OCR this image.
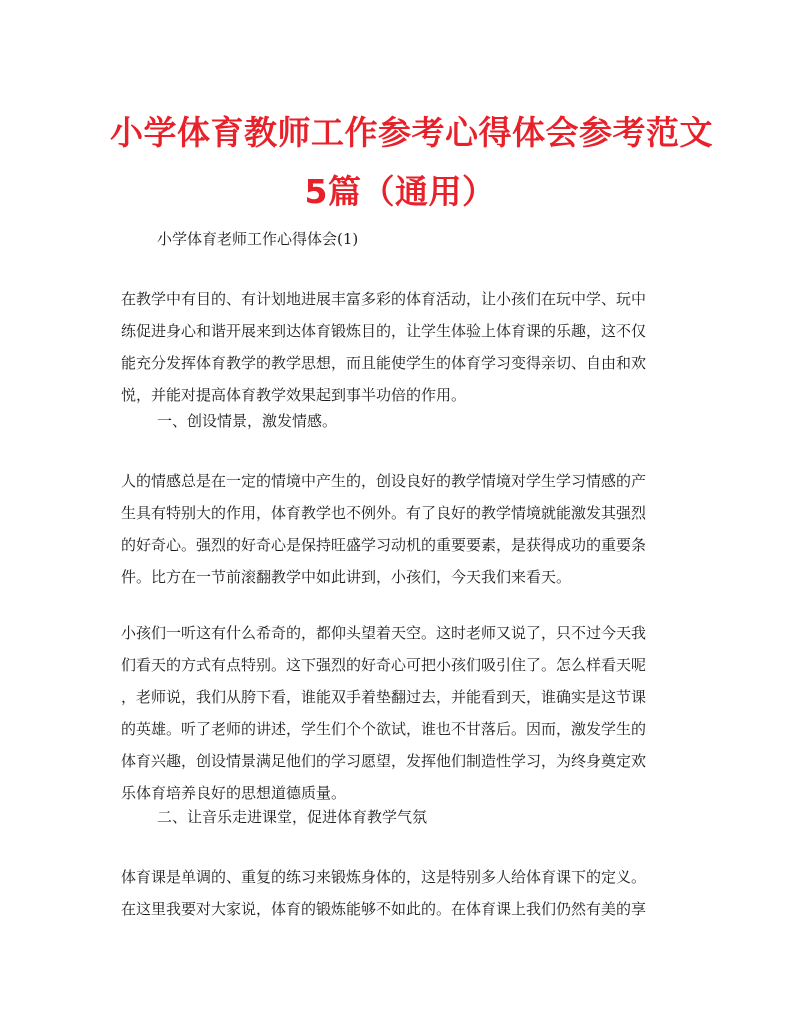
小学体育教师工作参考心得体会参考范文
5篇（通用）
小学体育老师工作心得体会(1)
在教学中有目的、有计划地进展丰富多彩的体育活动，让小孩们在玩中学、玩中
练促进身心和谐开展来到达体育锻炼目的，让学生体验上体育课的乐趣，这不仅
能充分发挥体育教学的教学思想，而且能使学生的体育学习变得亲切、自由和欢
悦，并能对提高体育教学效果起到事半功倍的作用。
一、创设情景，激发情感。
人的情感总是在一定的情境中产生的，创设良好的教学情境对学生学习情感的产
生具有特别大的作用，体育教学也不例外。有了良好的教学情境就能激发其强烈
的好奇心。强烈的好奇心是保持旺盛学习动机的重要要素，是获得成功的重要条
件。比方在一节前滚翻教学中如此讲到，小孩们，今天我们来看天。
小孩们一听这有什么希奇的，都仰头望着天空。这时老师又说了，只不过今天我
们看天的方式有点特别。这下强烈的好奇心可把小孩们吸引住了。怎么样看天呢
，老师说，我们从胯下看，谁能双手着垫翻过去，并能看到天，谁确实是这节课
的英雄。听了老师的讲述，学生们个个欲试，谁也不甘落后。因而，激发学生的
体育兴趣，创设情景满足他们的学习愿望，发挥他们制造性学习，为终身奠定欢
乐体育培养良好的思想道德质量。
二、让音乐走进课堂，促进体育教学气氛
体育课是单调的、重复的练习来锻炼身体的，这是特别多人给体育课下的定义。
在这里我要对大家说，体育的锻炼能够不如此的。在体育课上我们仍然有美的享
